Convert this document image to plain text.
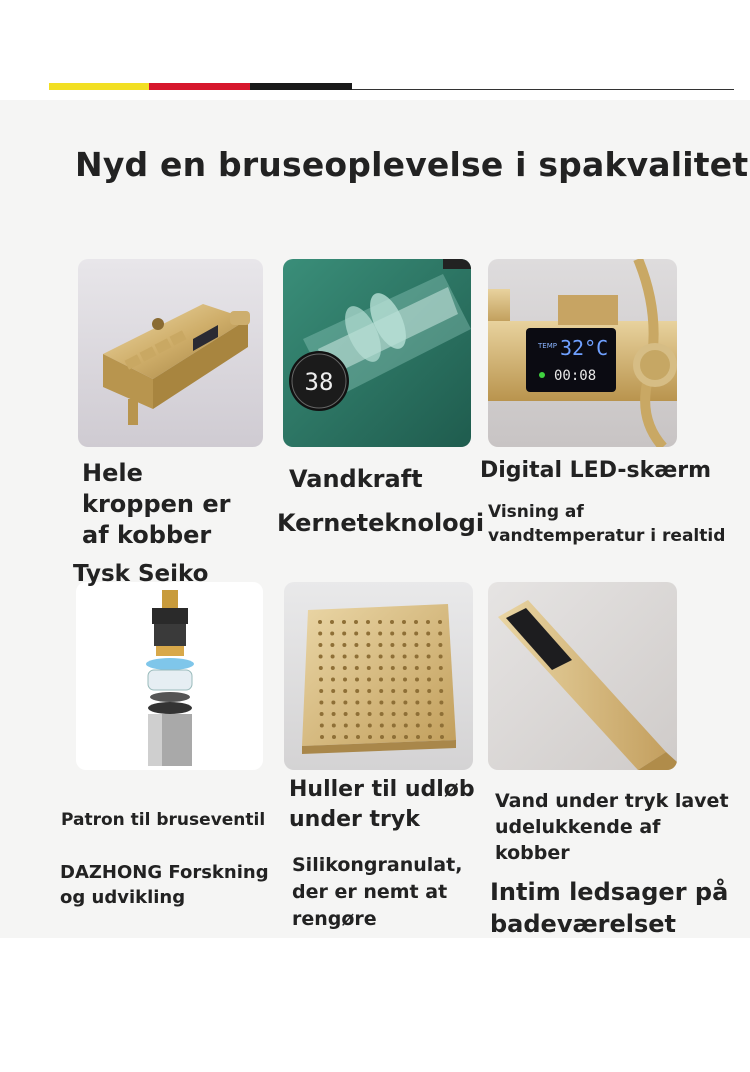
Nyd en bruseoplevelse i spakvalitet
38
TEMP 32°C
00:08
Hele
kroppen er
af kobber
Tysk Seiko
Vandkraft
Kerneteknologi
Digital LED-skærm
Visning af
vandtemperatur i realtid
Patron til bruseventil
DAZHONG Forskning
og udvikling
Huller til udløb
under tryk
Silikongranulat,
der er nemt at
rengøre
Vand under tryk lavet
udelukkende af
kobber
Intim ledsager på
badeværelset
